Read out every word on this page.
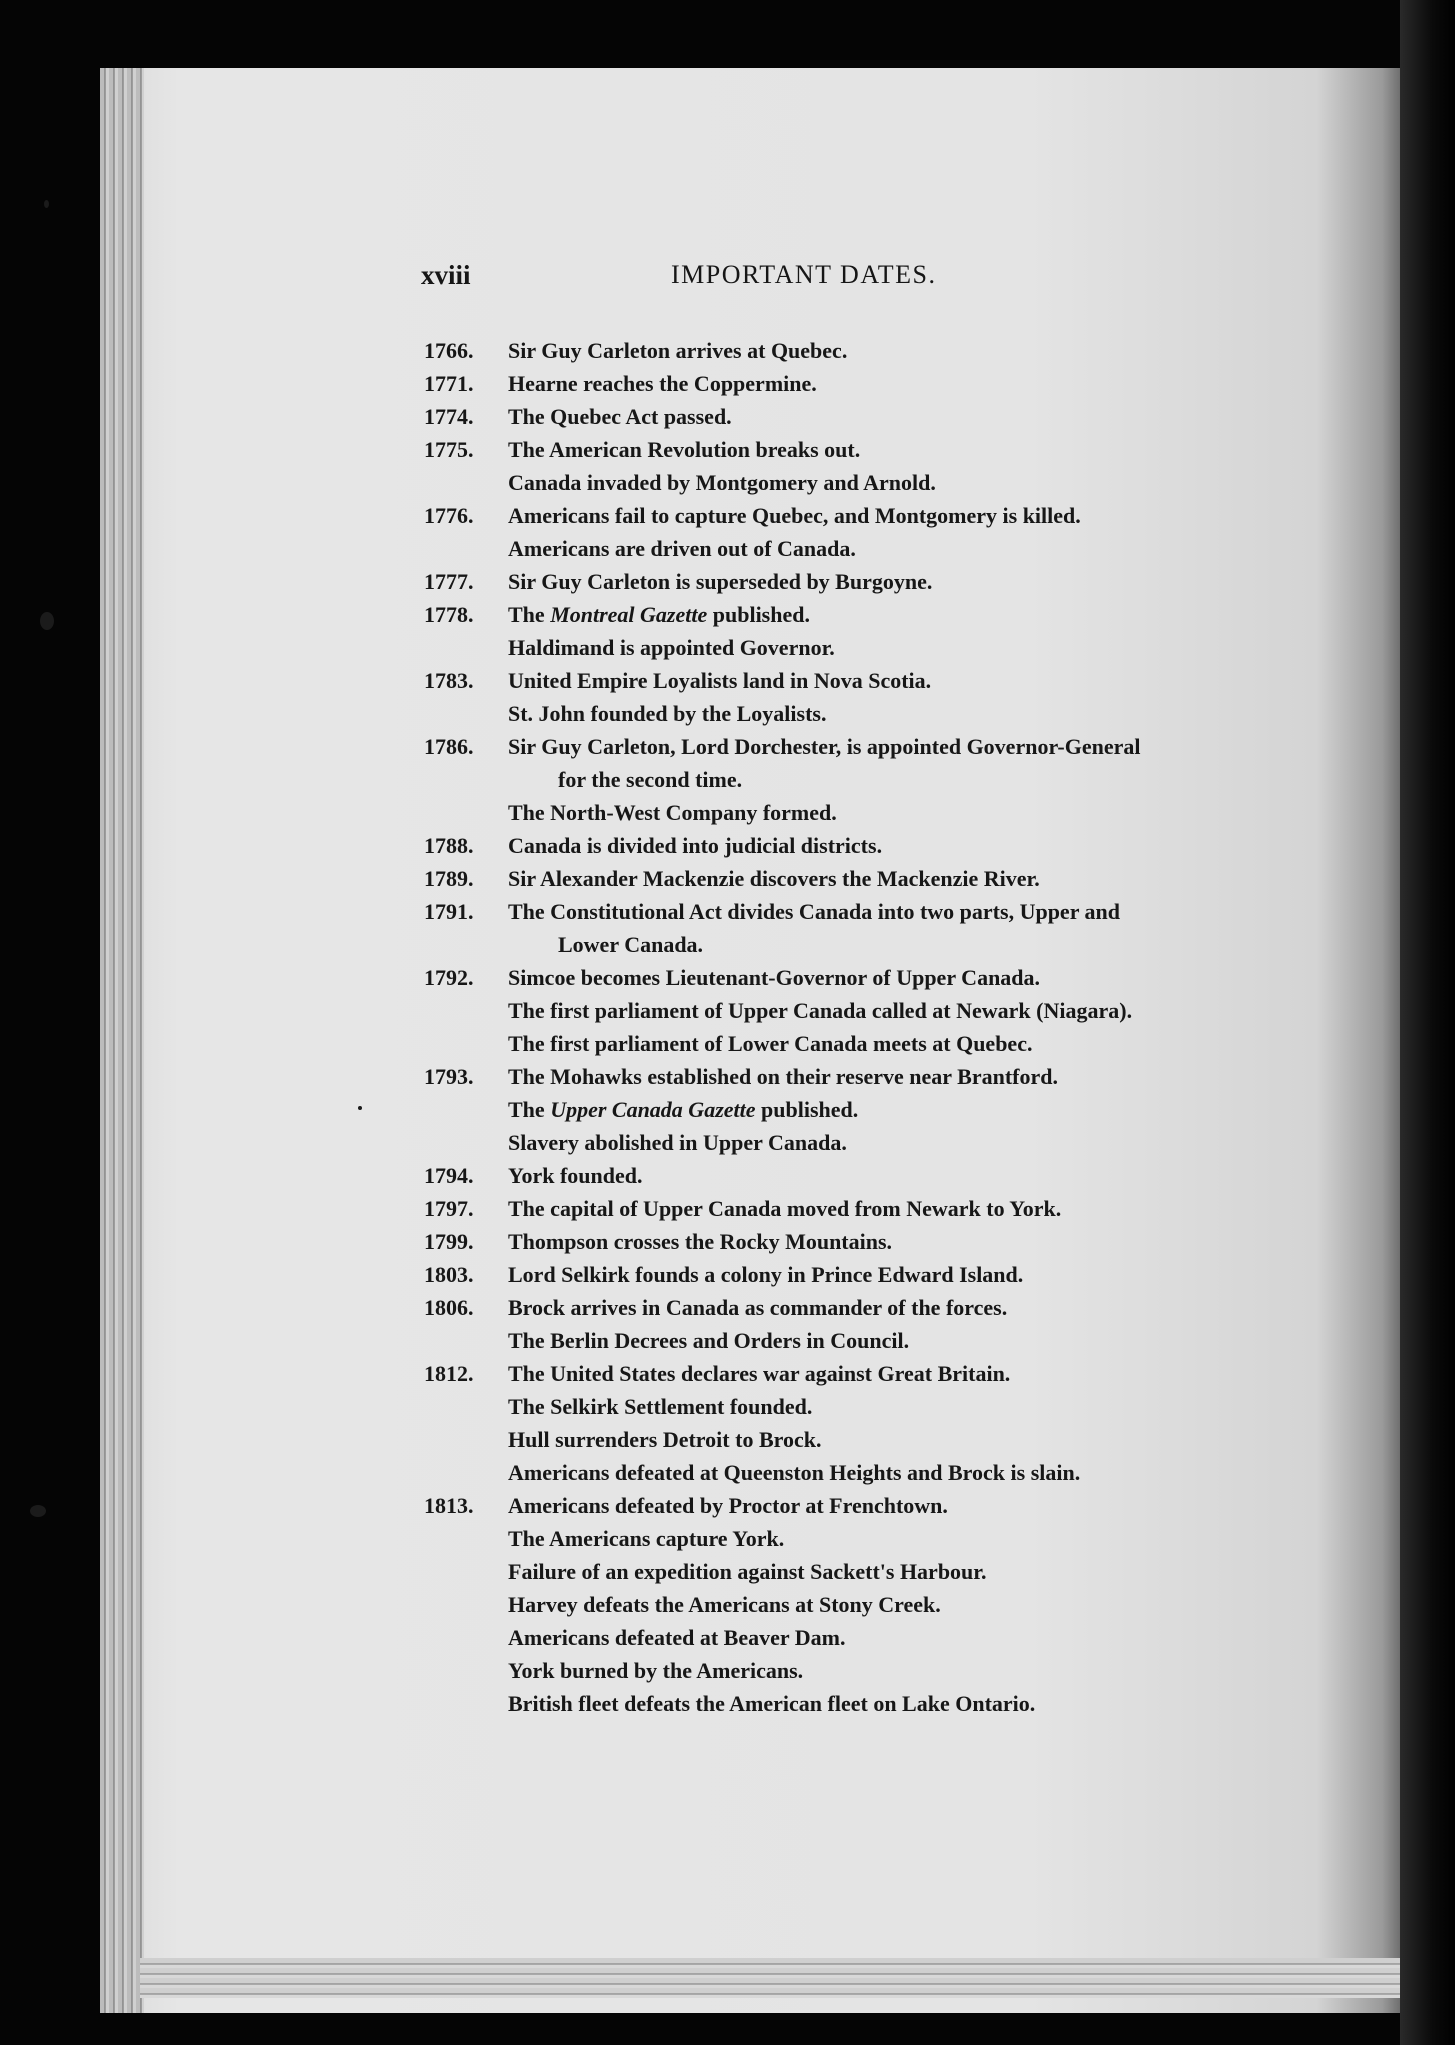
xviii	IMPORTANT DATES.
1766.	Sir Guy Carleton arrives at Quebec.
1771.	Hearne reaches the Coppermine.
1774.	The Quebec Act passed.
1775.	The American Revolution breaks out.
Canada invaded by Montgomery and Arnold.
1776.	Americans fail to capture Quebec, and Montgomery is killed.
Americans are driven out of Canada.
1777.	Sir Guy Carleton is superseded by Burgoyne.
1778.	The Montreal Gazette published.
Haldimand is appointed Governor.
1783.	United Empire Loyalists land in Nova Scotia.
St. John founded by the Loyalists.
1786.	Sir Guy Carleton, Lord Dorchester, is appointed Governor-General
for the second time.
The North-West Company formed.
1788.	Canada is divided into judicial districts.
1789.	Sir Alexander Mackenzie discovers the Mackenzie River.
1791.	The Constitutional Act divides Canada into two parts, Upper and
Lower Canada.
1792.	Simcoe becomes Lieutenant-Governor of Upper Canada.
The first parliament of Upper Canada called at Newark (Niagara).
The first parliament of Lower Canada meets at Quebec.
1793.	The Mohawks established on their reserve near Brantford.
The Upper Canada Gazette published.
Slavery abolished in Upper Canada.
1794.	York founded.
1797.	The capital of Upper Canada moved from Newark to York.
1799.	Thompson crosses the Rocky Mountains.
1803.	Lord Selkirk founds a colony in Prince Edward Island.
1806.	Brock arrives in Canada as commander of the forces.
The Berlin Decrees and Orders in Council.
1812.	The United States declares war against Great Britain.
The Selkirk Settlement founded.
Hull surrenders Detroit to Brock.
Americans defeated at Queenston Heights and Brock is slain.
1813.	Americans defeated by Proctor at Frenchtown.
The Americans capture York.
Failure of an expedition against Sackett's Harbour.
Harvey defeats the Americans at Stony Creek.
Americans defeated at Beaver Dam.
York burned by the Americans.
British fleet defeats the American fleet on Lake Ontario.
